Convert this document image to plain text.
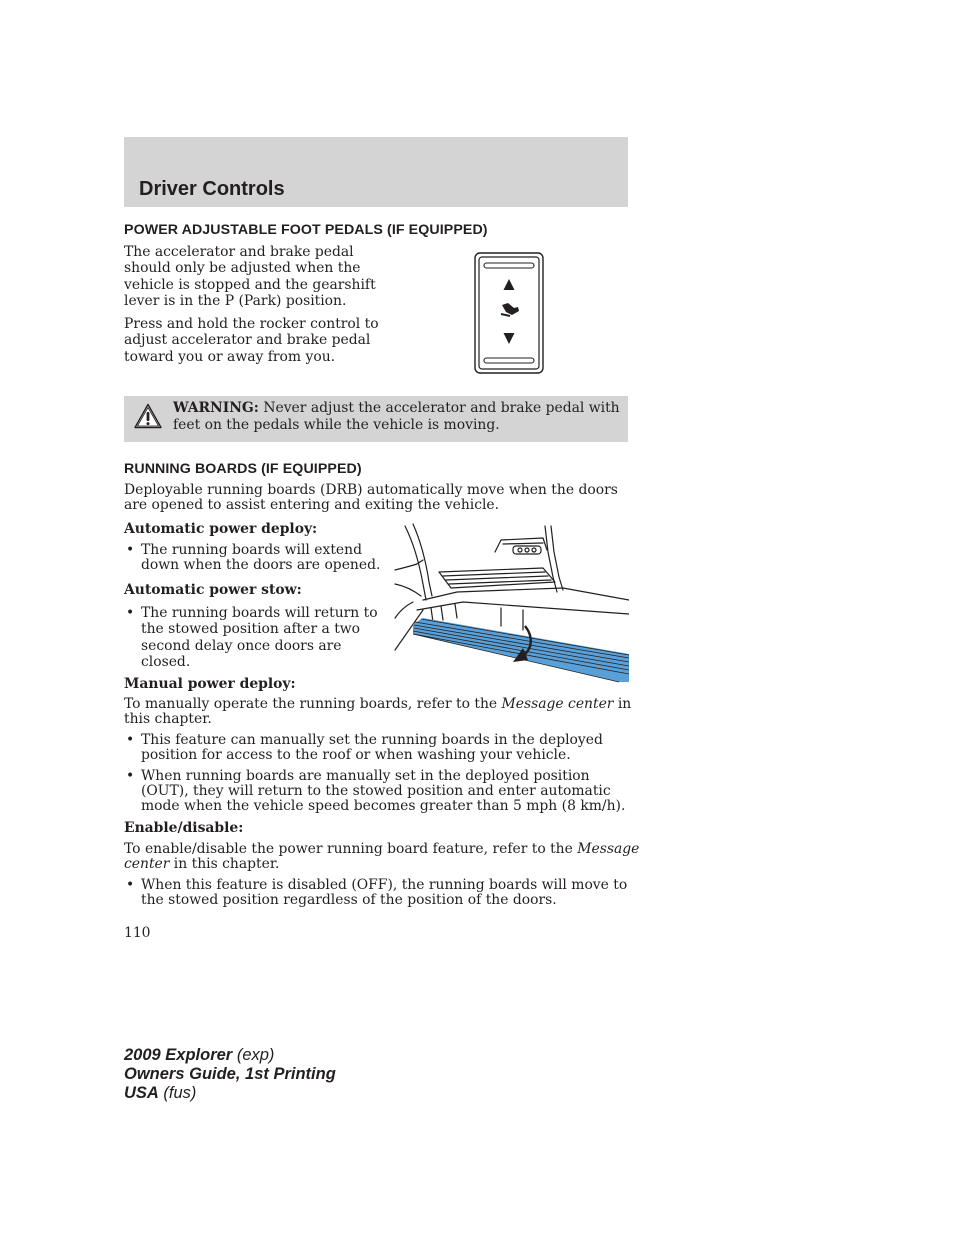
Driver Controls
POWER ADJUSTABLE FOOT PEDALS (IF EQUIPPED)
The accelerator and brake pedal
should only be adjusted when the
vehicle is stopped and the gearshift
lever is in the P (Park) position.
Press and hold the rocker control to
adjust accelerator and brake pedal
toward you or away from you.
WARNING: Never adjust the accelerator and brake pedal with
feet on the pedals while the vehicle is moving.
RUNNING BOARDS (IF EQUIPPED)
Deployable running boards (DRB) automatically move when the doors
are opened to assist entering and exiting the vehicle.
Automatic power deploy:
• The running boards will extend
down when the doors are opened.
Automatic power stow:
• The running boards will return to
the stowed position after a two
second delay once doors are
closed.
Manual power deploy:
To manually operate the running boards, refer to the Message center in
this chapter.
• This feature can manually set the running boards in the deployed
position for access to the roof or when washing your vehicle.
• When running boards are manually set in the deployed position
(OUT), they will return to the stowed position and enter automatic
mode when the vehicle speed becomes greater than 5 mph (8 km/h).
Enable/disable:
To enable/disable the power running board feature, refer to the Message
center in this chapter.
• When this feature is disabled (OFF), the running boards will move to
the stowed position regardless of the position of the doors.
110
2009 Explorer (exp)
Owners Guide, 1st Printing
USA (fus)
